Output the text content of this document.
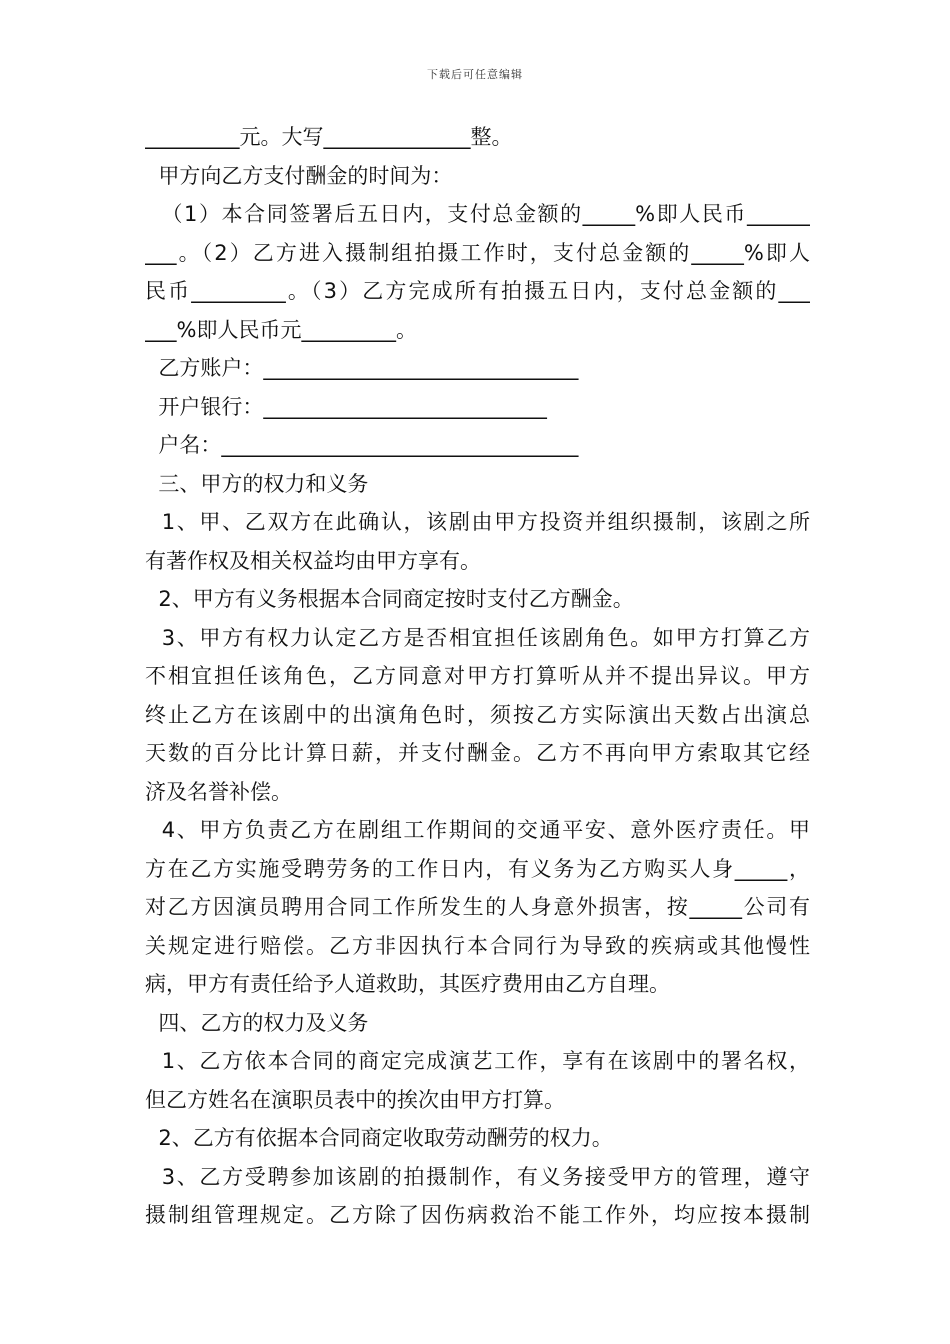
下载后可任意编辑
_________元。大写______________整。
甲方向乙方支付酬金的时间为：
（1）本合同签署后五日内，支付总金额的_____%即人民币______
___。（2）乙方进入摄制组拍摄工作时，支付总金额的_____%即人
民币_________。（3）乙方完成所有拍摄五日内，支付总金额的___
___%即人民币元_________。
乙方账户：______________________________
开户银行：___________________________
户名：__________________________________
三、甲方的权力和义务
1、甲、乙双方在此确认，该剧由甲方投资并组织摄制，该剧之所
有著作权及相关权益均由甲方享有。
2、甲方有义务根据本合同商定按时支付乙方酬金。
3、甲方有权力认定乙方是否相宜担任该剧角色。如甲方打算乙方
不相宜担任该角色，乙方同意对甲方打算听从并不提出异议。甲方
终止乙方在该剧中的出演角色时，须按乙方实际演出天数占出演总
天数的百分比计算日薪，并支付酬金。乙方不再向甲方索取其它经
济及名誉补偿。
4、甲方负责乙方在剧组工作期间的交通平安、意外医疗责任。甲
方在乙方实施受聘劳务的工作日内，有义务为乙方购买人身_____，
对乙方因演员聘用合同工作所发生的人身意外损害，按_____公司有
关规定进行赔偿。乙方非因执行本合同行为导致的疾病或其他慢性
病，甲方有责任给予人道救助，其医疗费用由乙方自理。
四、乙方的权力及义务
1、乙方依本合同的商定完成演艺工作，享有在该剧中的署名权，
但乙方姓名在演职员表中的挨次由甲方打算。
2、乙方有依据本合同商定收取劳动酬劳的权力。
3、乙方受聘参加该剧的拍摄制作，有义务接受甲方的管理，遵守
摄制组管理规定。乙方除了因伤病救治不能工作外，均应按本摄制
